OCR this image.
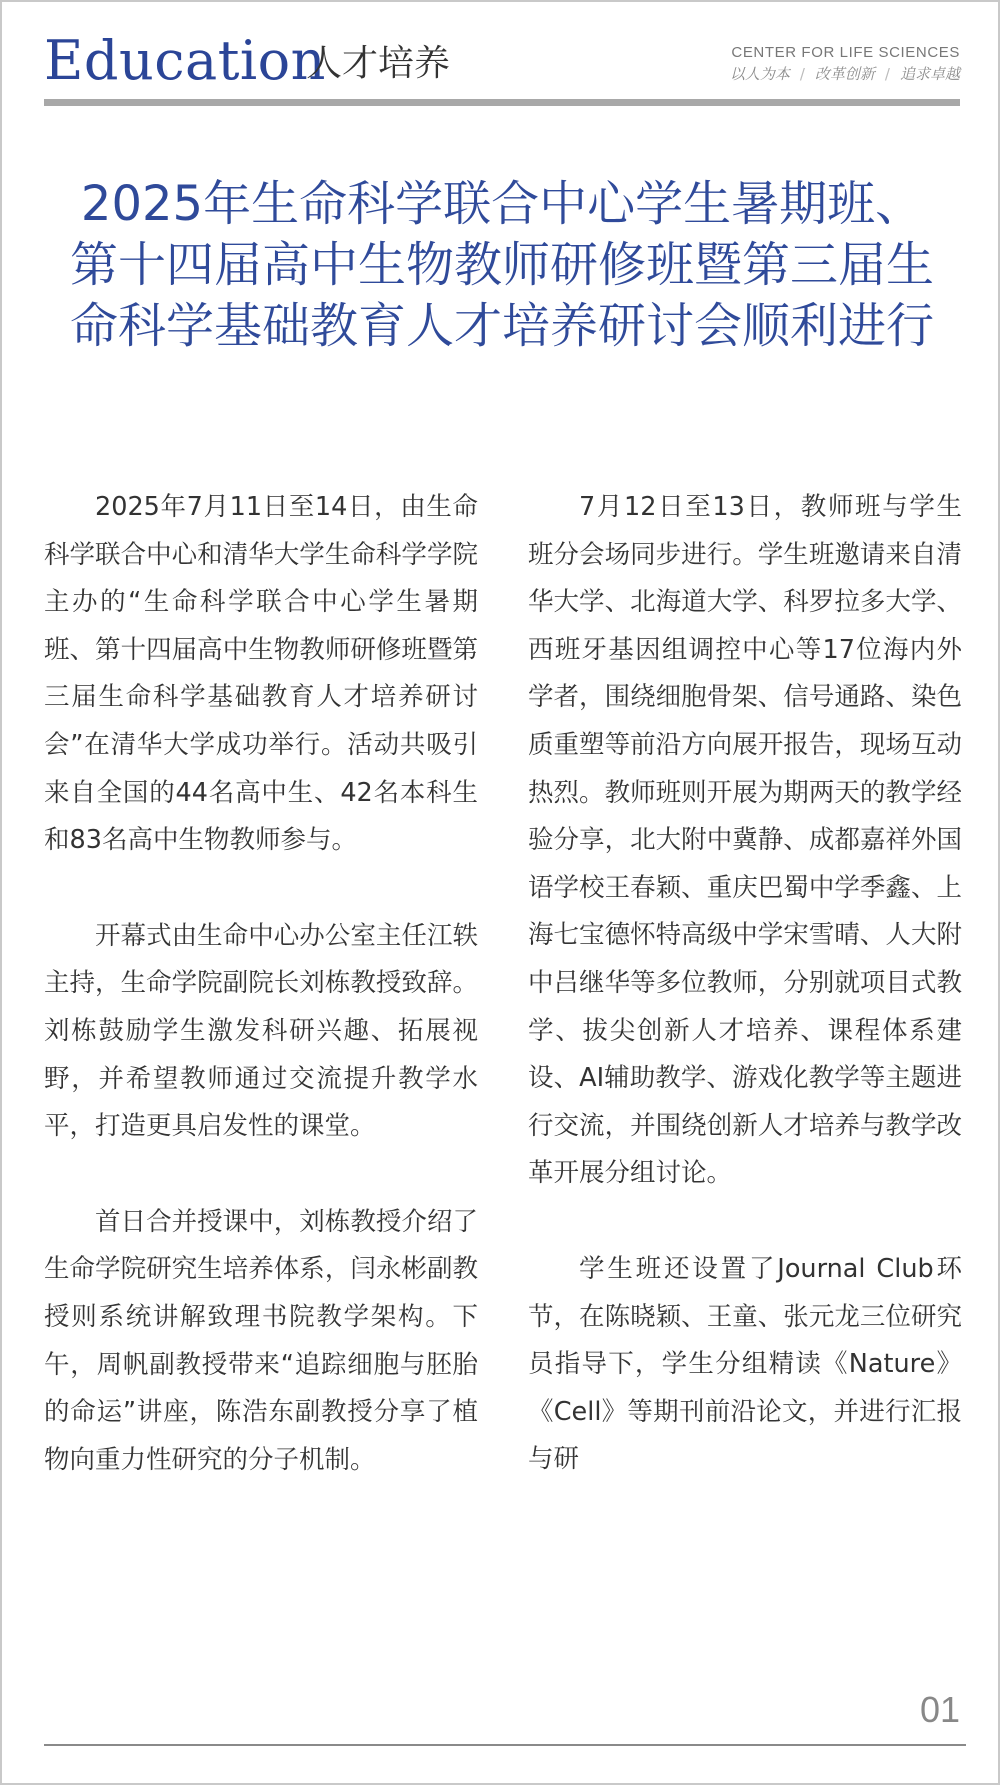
Education
人才培养	CENTER FOR LIFE SCIENCES
以人为本 / 改革创新 / 追求卓越
2025年生命科学联合中心学生暑期班、第十四届高中生物教师研修班暨第三届生命科学基础教育人才培养研讨会顺利进行

2025年7月11日至14日，由生命科学联合中心和清华大学生命科学学院主办的“生命科学联合中心学生暑期班、第十四届高中生物教师研修班暨第三届生命科学基础教育人才培养研讨会”在清华大学成功举行。活动共吸引来自全国的44名高中生、42名本科生和83名高中生物教师参与。

开幕式由生命中心办公室主任江轶主持，生命学院副院长刘栋教授致辞。刘栋鼓励学生激发科研兴趣、拓展视野，并希望教师通过交流提升教学水平，打造更具启发性的课堂。

首日合并授课中，刘栋教授介绍了生命学院研究生培养体系，闫永彬副教授则系统讲解致理书院教学架构。下午，周帆副教授带来“追踪细胞与胚胎的命运”讲座，陈浩东副教授分享了植物向重力性研究的分子机制。

7月12日至13日，教师班与学生班分会场同步进行。学生班邀请来自清华大学、北海道大学、科罗拉多大学、西班牙基因组调控中心等17位海内外学者，围绕细胞骨架、信号通路、染色质重塑等前沿方向展开报告，现场互动热烈。教师班则开展为期两天的教学经验分享，北大附中冀静、成都嘉祥外国语学校王春颖、重庆巴蜀中学季鑫、上海七宝德怀特高级中学宋雪晴、人大附中吕继华等多位教师，分别就项目式教学、拔尖创新人才培养、课程体系建设、AI辅助教学、游戏化教学等主题进行交流，并围绕创新人才培养与教学改革开展分组讨论。

学生班还设置了Journal Club环节，在陈晓颖、王童、张元龙三位研究员指导下，学生分组精读《Nature》《Cell》等期刊前沿论文，并进行汇报与研

01
